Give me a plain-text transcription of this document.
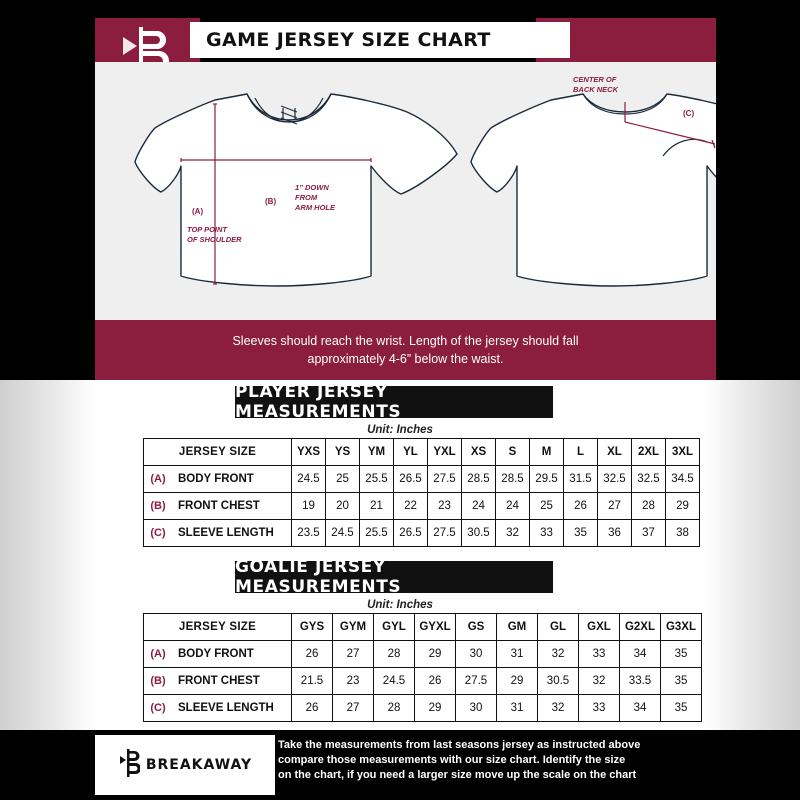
GAME JERSEY SIZE CHART
(B)
(A)
1” DOWN
FROM
ARM HOLE
TOP POINT
OF SHOULDER
CENTER OF
BACK NECK
(C)
Sleeves should reach the wrist. Length of the jersey should fall
approximately 4-6” below the waist.
PLAYER JERSEY MEASUREMENTS
Unit: Inches
JERSEY SIZE		YXS	YS	YM	YL	YXL	XS	S	M	L	XL	2XL	3XL
(A)	BODY FRONT	24.5	25	25.5	26.5	27.5	28.5	28.5	29.5	31.5	32.5	32.5	34.5
(B)	FRONT CHEST	19	20	21	22	23	24	24	25	26	27	28	29
(C)	SLEEVE LENGTH	23.5	24.5	25.5	26.5	27.5	30.5	32	33	35	36	37	38
GOALIE JERSEY MEASUREMENTS
Unit: Inches
JERSEY SIZE		GYS	GYM	GYL	GYXL	GS	GM	GL	GXL	G2XL	G3XL
(A)	BODY FRONT	26	27	28	29	30	31	32	33	34	35
(B)	FRONT CHEST	21.5	23	24.5	26	27.5	29	30.5	32	33.5	35
(C)	SLEEVE LENGTH	26	27	28	29	30	31	32	33	34	35
BREAKAWAY
Take the measurements from last seasons jersey as instructed above
compare those measurements with our size chart. Identify the size
on the chart, if you need a larger size move up the scale on the chart
